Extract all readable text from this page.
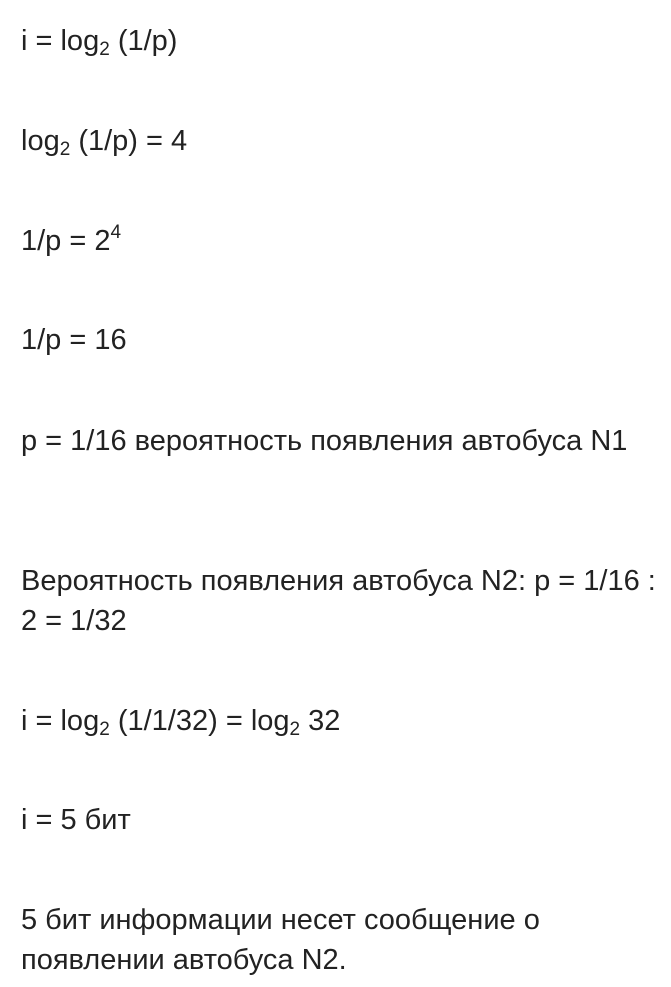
$i = \log_2 (1/p)$
$\log_2 (1/p) = 4$
$1/p = 2^4$
1/p = 16
p = 1/16 вероятность появления автобуса N1
Вероятность появления автобуса N2: p = 1/16 : 2 = 1/32
$i = \log_2 (1/1/32) = \log_2 32$
i = 5 бит
5 бит информации несет сообщение о появлении автобуса N2.
